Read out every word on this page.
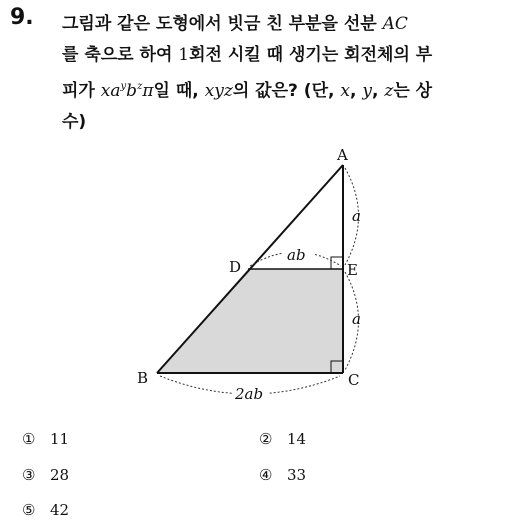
9. 그림과 같은 도형에서 빗금 친 부분을 선분 AC
를 축으로 하여 1회전 시킬 때 생기는 회전체의 부
피가 $xa^yb^z\pi$일 때, xyz의 값은? (단, x, y, z는 상
수)
A
B	C
D	E
a
a
ab
2ab
① 11	② 14
③ 28	④ 33
⑤ 42
